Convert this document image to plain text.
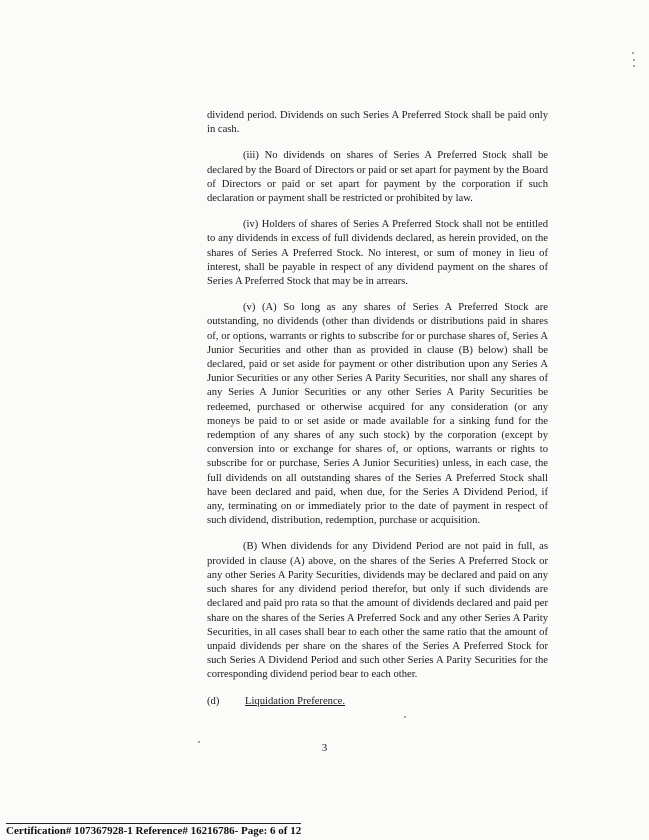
dividend period. Dividends on such Series A Preferred Stock shall be paid only in cash.

(iii) No dividends on shares of Series A Preferred Stock shall be declared by the Board of Directors or paid or set apart for payment by the Board of Directors or paid or set apart for payment by the corporation if such declaration or payment shall be restricted or prohibited by law.

(iv) Holders of shares of Series A Preferred Stock shall not be entitled to any dividends in excess of full dividends declared, as herein provided, on the shares of Series A Preferred Stock. No interest, or sum of money in lieu of interest, shall be payable in respect of any dividend payment on the shares of Series A Preferred Stock that may be in arrears.

(v) (A) So long as any shares of Series A Preferred Stock are outstanding, no dividends (other than dividends or distributions paid in shares of, or options, warrants or rights to subscribe for or purchase shares of, Series A Junior Securities and other than as provided in clause (B) below) shall be declared, paid or set aside for payment or other distribution upon any Series A Junior Securities or any other Series A Parity Securities, nor shall any shares of any Series A Junior Securities or any other Series A Parity Securities be redeemed, purchased or otherwise acquired for any consideration (or any moneys be paid to or set aside or made available for a sinking fund for the redemption of any shares of any such stock) by the corporation (except by conversion into or exchange for shares of, or options, warrants or rights to subscribe for or purchase, Series A Junior Securities) unless, in each case, the full dividends on all outstanding shares of the Series A Preferred Stock shall have been declared and paid, when due, for the Series A Dividend Period, if any, terminating on or immediately prior to the date of payment in respect of such dividend, distribution, redemption, purchase or acquisition.

(B) When dividends for any Dividend Period are not paid in full, as provided in clause (A) above, on the shares of the Series A Preferred Stock or any other Series A Parity Securities, dividends may be declared and paid on any such shares for any dividend period therefor, but only if such dividends are declared and paid pro rata so that the amount of dividends declared and paid per share on the shares of the Series A Preferred Sock and any other Series A Parity Securities, in all cases shall bear to each other the same ratio that the amount of unpaid dividends per share on the shares of the Series A Preferred Stock for such Series A Dividend Period and such other Series A Parity Securities for the corresponding dividend period bear to each other.

(d) Liquidation Preference.

3
Certification# 107367928-1 Reference# 16216786- Page: 6 of 12
